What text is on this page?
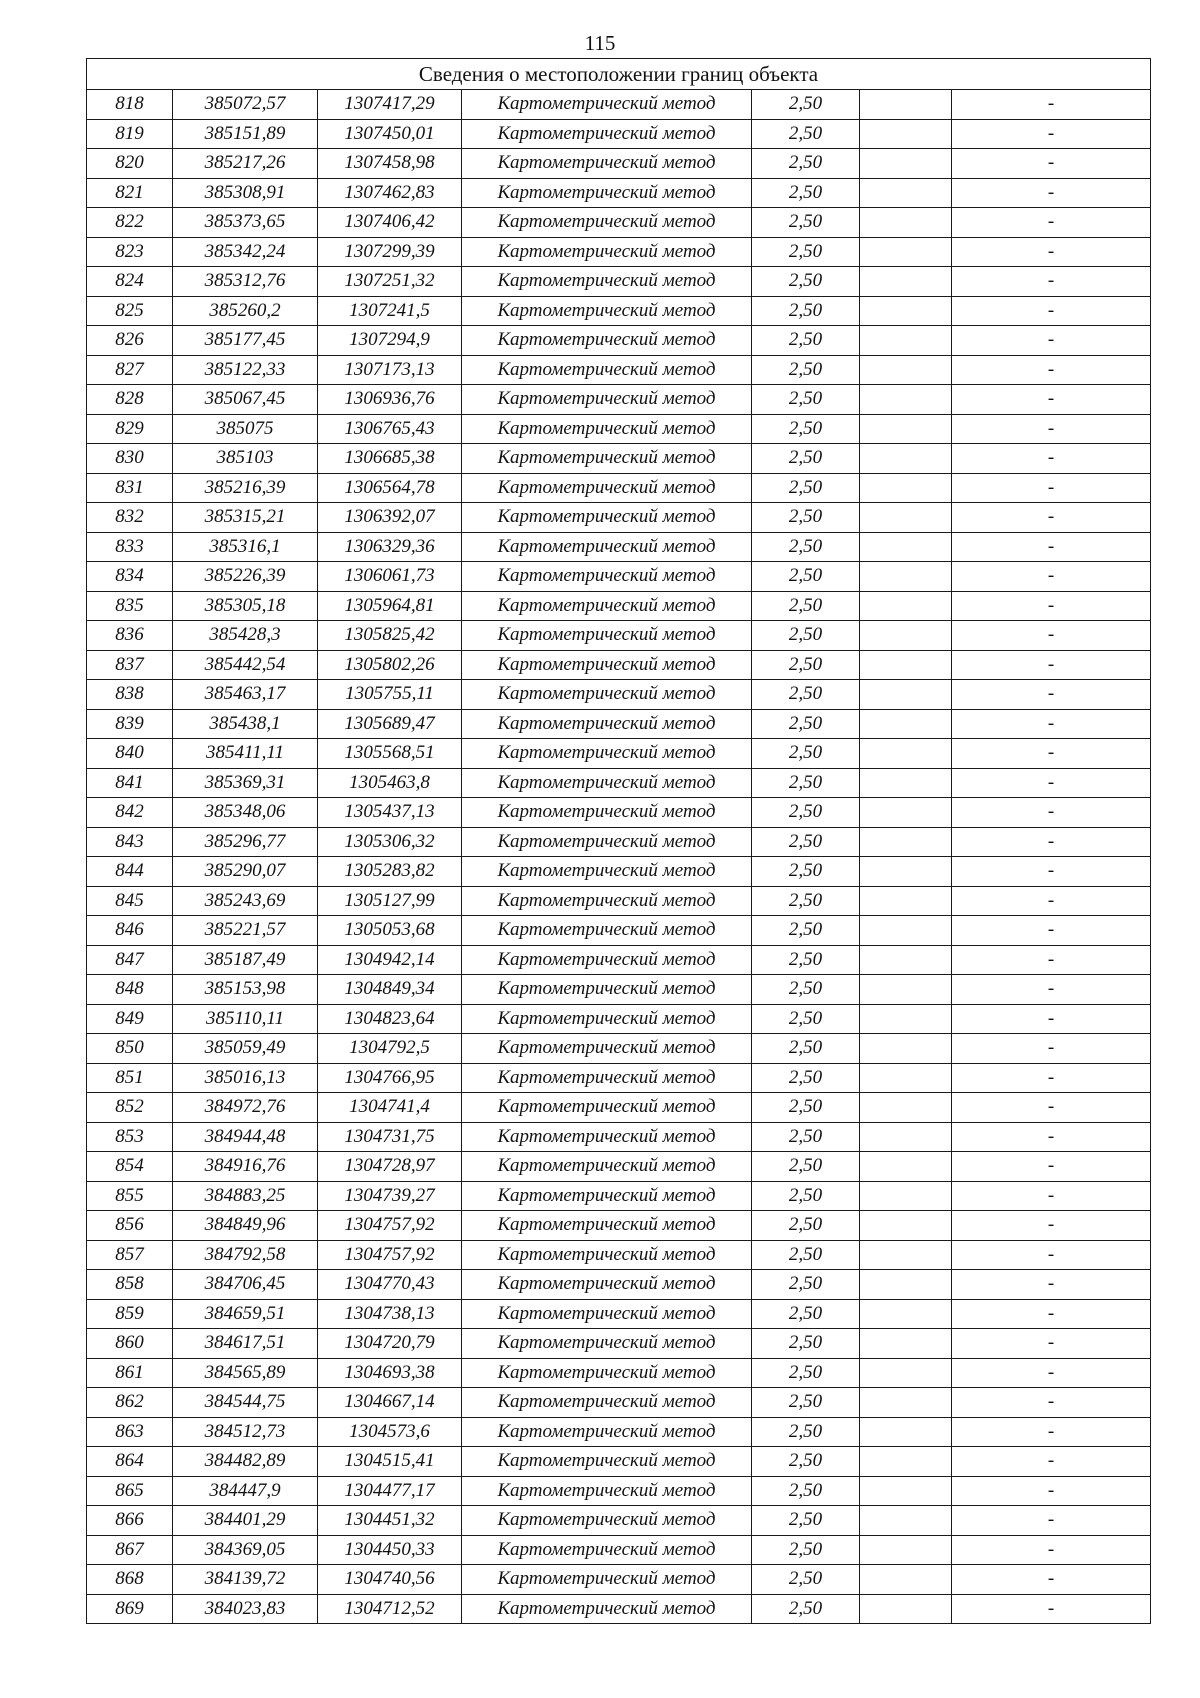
115
Сведения о местоположении границ объекта						
818	385072,57	1307417,29	Картометрический метод	2,50		-
819	385151,89	1307450,01	Картометрический метод	2,50		-
820	385217,26	1307458,98	Картометрический метод	2,50		-
821	385308,91	1307462,83	Картометрический метод	2,50		-
822	385373,65	1307406,42	Картометрический метод	2,50		-
823	385342,24	1307299,39	Картометрический метод	2,50		-
824	385312,76	1307251,32	Картометрический метод	2,50		-
825	385260,2	1307241,5	Картометрический метод	2,50		-
826	385177,45	1307294,9	Картометрический метод	2,50		-
827	385122,33	1307173,13	Картометрический метод	2,50		-
828	385067,45	1306936,76	Картометрический метод	2,50		-
829	385075	1306765,43	Картометрический метод	2,50		-
830	385103	1306685,38	Картометрический метод	2,50		-
831	385216,39	1306564,78	Картометрический метод	2,50		-
832	385315,21	1306392,07	Картометрический метод	2,50		-
833	385316,1	1306329,36	Картометрический метод	2,50		-
834	385226,39	1306061,73	Картометрический метод	2,50		-
835	385305,18	1305964,81	Картометрический метод	2,50		-
836	385428,3	1305825,42	Картометрический метод	2,50		-
837	385442,54	1305802,26	Картометрический метод	2,50		-
838	385463,17	1305755,11	Картометрический метод	2,50		-
839	385438,1	1305689,47	Картометрический метод	2,50		-
840	385411,11	1305568,51	Картометрический метод	2,50		-
841	385369,31	1305463,8	Картометрический метод	2,50		-
842	385348,06	1305437,13	Картометрический метод	2,50		-
843	385296,77	1305306,32	Картометрический метод	2,50		-
844	385290,07	1305283,82	Картометрический метод	2,50		-
845	385243,69	1305127,99	Картометрический метод	2,50		-
846	385221,57	1305053,68	Картометрический метод	2,50		-
847	385187,49	1304942,14	Картометрический метод	2,50		-
848	385153,98	1304849,34	Картометрический метод	2,50		-
849	385110,11	1304823,64	Картометрический метод	2,50		-
850	385059,49	1304792,5	Картометрический метод	2,50		-
851	385016,13	1304766,95	Картометрический метод	2,50		-
852	384972,76	1304741,4	Картометрический метод	2,50		-
853	384944,48	1304731,75	Картометрический метод	2,50		-
854	384916,76	1304728,97	Картометрический метод	2,50		-
855	384883,25	1304739,27	Картометрический метод	2,50		-
856	384849,96	1304757,92	Картометрический метод	2,50		-
857	384792,58	1304757,92	Картометрический метод	2,50		-
858	384706,45	1304770,43	Картометрический метод	2,50		-
859	384659,51	1304738,13	Картометрический метод	2,50		-
860	384617,51	1304720,79	Картометрический метод	2,50		-
861	384565,89	1304693,38	Картометрический метод	2,50		-
862	384544,75	1304667,14	Картометрический метод	2,50		-
863	384512,73	1304573,6	Картометрический метод	2,50		-
864	384482,89	1304515,41	Картометрический метод	2,50		-
865	384447,9	1304477,17	Картометрический метод	2,50		-
866	384401,29	1304451,32	Картометрический метод	2,50		-
867	384369,05	1304450,33	Картометрический метод	2,50		-
868	384139,72	1304740,56	Картометрический метод	2,50		-
869	384023,83	1304712,52	Картометрический метод	2,50		-
